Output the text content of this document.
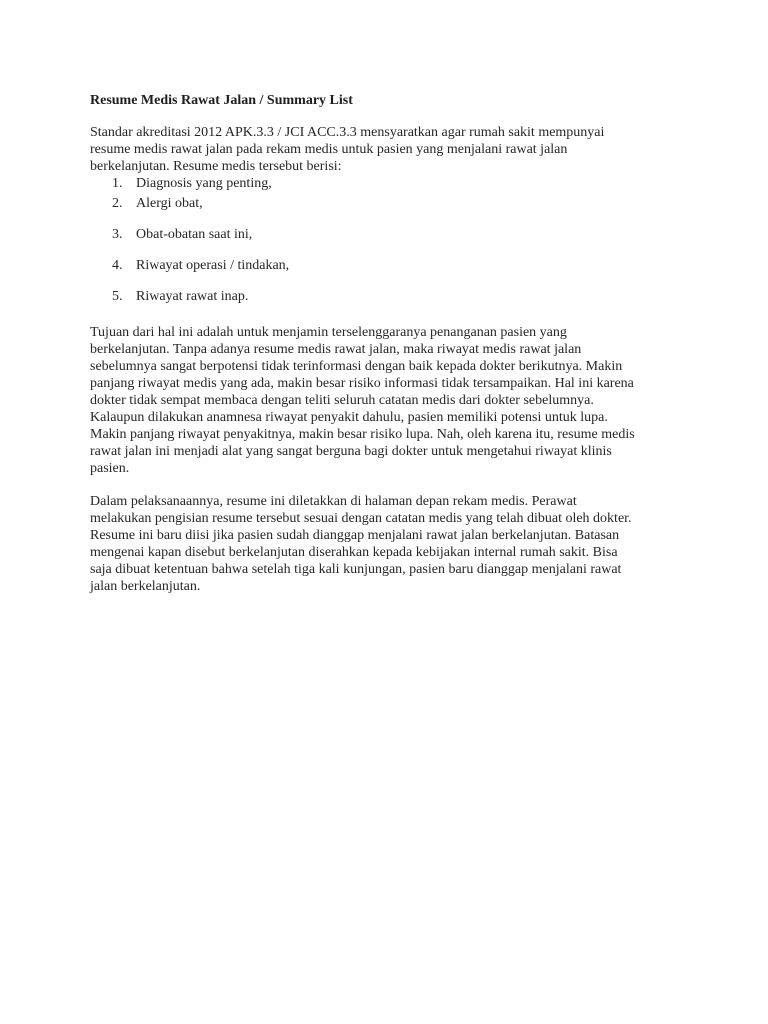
Resume Medis Rawat Jalan / Summary List

Standar akreditasi 2012 APK.3.3 / JCI ACC.3.3 mensyaratkan agar rumah sakit mempunyai
resume medis rawat jalan pada rekam medis untuk pasien yang menjalani rawat jalan
berkelanjutan. Resume medis tersebut berisi:

1. Diagnosis yang penting,
2. Alergi obat,
3. Obat-obatan saat ini,
4. Riwayat operasi / tindakan,
5. Riwayat rawat inap.

Tujuan dari hal ini adalah untuk menjamin terselenggaranya penanganan pasien yang
berkelanjutan. Tanpa adanya resume medis rawat jalan, maka riwayat medis rawat jalan
sebelumnya sangat berpotensi tidak terinformasi dengan baik kepada dokter berikutnya. Makin
panjang riwayat medis yang ada, makin besar risiko informasi tidak tersampaikan. Hal ini karena
dokter tidak sempat membaca dengan teliti seluruh catatan medis dari dokter sebelumnya.
Kalaupun dilakukan anamnesa riwayat penyakit dahulu, pasien memiliki potensi untuk lupa.
Makin panjang riwayat penyakitnya, makin besar risiko lupa. Nah, oleh karena itu, resume medis
rawat jalan ini menjadi alat yang sangat berguna bagi dokter untuk mengetahui riwayat klinis
pasien.

Dalam pelaksanaannya, resume ini diletakkan di halaman depan rekam medis. Perawat
melakukan pengisian resume tersebut sesuai dengan catatan medis yang telah dibuat oleh dokter.
Resume ini baru diisi jika pasien sudah dianggap menjalani rawat jalan berkelanjutan. Batasan
mengenai kapan disebut berkelanjutan diserahkan kepada kebijakan internal rumah sakit. Bisa
saja dibuat ketentuan bahwa setelah tiga kali kunjungan, pasien baru dianggap menjalani rawat
jalan berkelanjutan.
